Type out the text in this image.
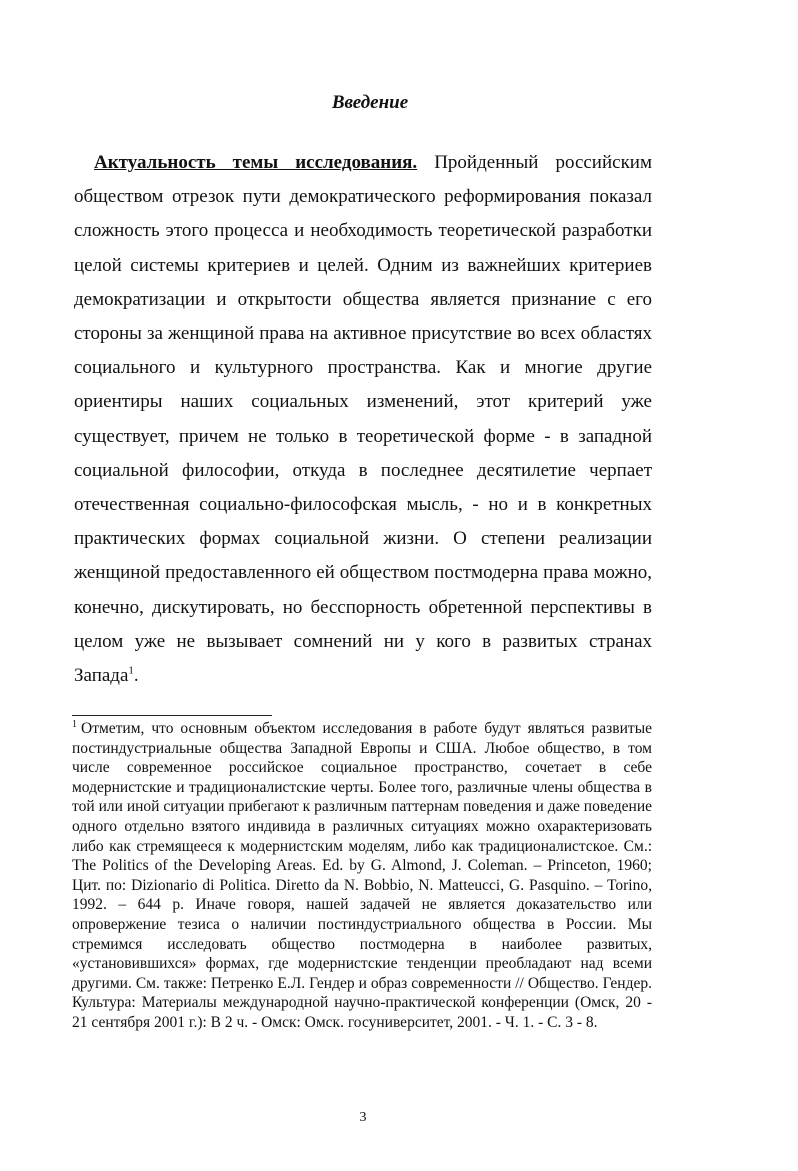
Введение

Актуальность темы исследования. Пройденный российским обществом отрезок пути демократического реформирования показал сложность этого процесса и необходимость теоретической разработки целой системы критериев и целей. Одним из важнейших критериев демократизации и открытости общества является признание с его стороны за женщиной права на активное присутствие во всех областях социального и культурного пространства. Как и многие другие ориентиры наших социальных изменений, этот критерий уже существует, причем не только в теоретической форме - в западной социальной философии, откуда в последнее десятилетие черпает отечественная социально-философская мысль, - но и в конкретных практических формах социальной жизни. О степени реализации женщиной предоставленного ей обществом постмодерна права можно, конечно, дискутировать, но бесспорность обретенной перспективы в целом уже не вызывает сомнений ни у кого в развитых странах Запада$^1$.

$^1$ Отметим, что основным объектом исследования в работе будут являться развитые постиндустриальные общества Западной Европы и США. Любое общество, в том числе современное российское социальное пространство, сочетает в себе модернистские и традиционалистские черты. Более того, различные члены общества в той или иной ситуации прибегают к различным паттернам поведения и даже поведение одного отдельно взятого индивида в различных ситуациях можно охарактеризовать либо как стремящееся к модернистским моделям, либо как традиционалистское. См.: The Politics of the Developing Areas. Ed. by G. Almond, J. Coleman. – Princeton, 1960; Цит. по: Dizionario di Politica. Diretto da N. Bobbio, N. Matteucci, G. Pasquino. – Torino, 1992. – 644 p. Иначе говоря, нашей задачей не является доказательство или опровержение тезиса о наличии постиндустриального общества в России. Мы стремимся исследовать общество постмодерна в наиболее развитых, «установившихся» формах, где модернистские тенденции преобладают над всеми другими. См. также: Петренко Е.Л. Гендер и образ современности // Общество. Гендер. Культура: Материалы международной научно-практической конференции (Омск, 20 - 21 сентября 2001 г.): В 2 ч. - Омск: Омск. госуниверситет, 2001. - Ч. 1. - С. 3 - 8.

3
